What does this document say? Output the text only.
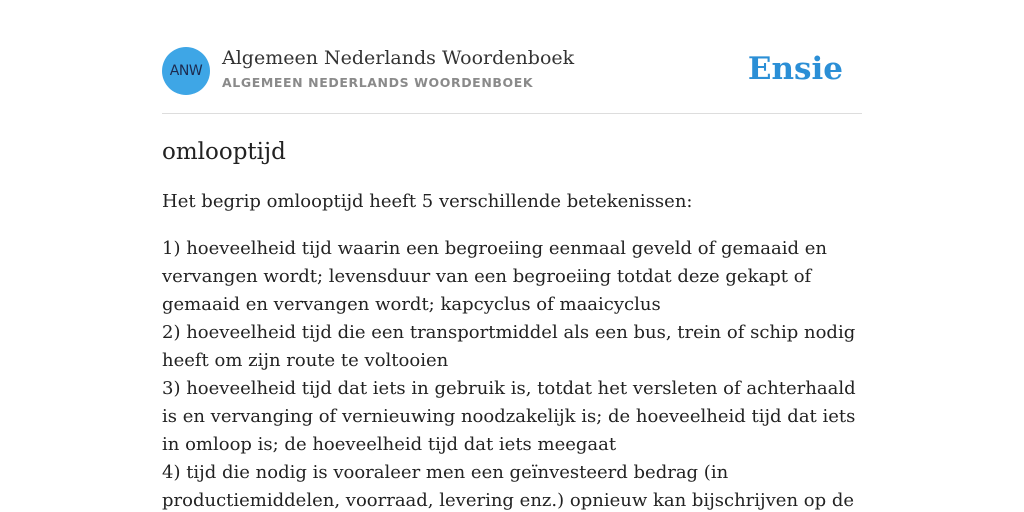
ANW
Algemeen Nederlands Woordenboek
ALGEMEEN NEDERLANDS WOORDENBOEK	Ensie
omlooptijd

Het begrip omlooptijd heeft 5 verschillende betekenissen:

1) hoeveelheid tijd waarin een begroeiing eenmaal geveld of gemaaid en vervangen wordt; levensduur van een begroeiing totdat deze gekapt of gemaaid en vervangen wordt; kapcyclus of maaicyclus
2) hoeveelheid tijd die een transportmiddel als een bus, trein of schip nodig heeft om zijn route te voltooien
3) hoeveelheid tijd dat iets in gebruik is, totdat het versleten of achterhaald is en vervanging of vernieuwing noodzakelijk is; de hoeveelheid tijd dat iets in omloop is; de hoeveelheid tijd dat iets meegaat
4) tijd die nodig is vooraleer men een geïnvesteerd bedrag (in productiemiddelen, voorraad, levering enz.) opnieuw kan bijschrijven op de
